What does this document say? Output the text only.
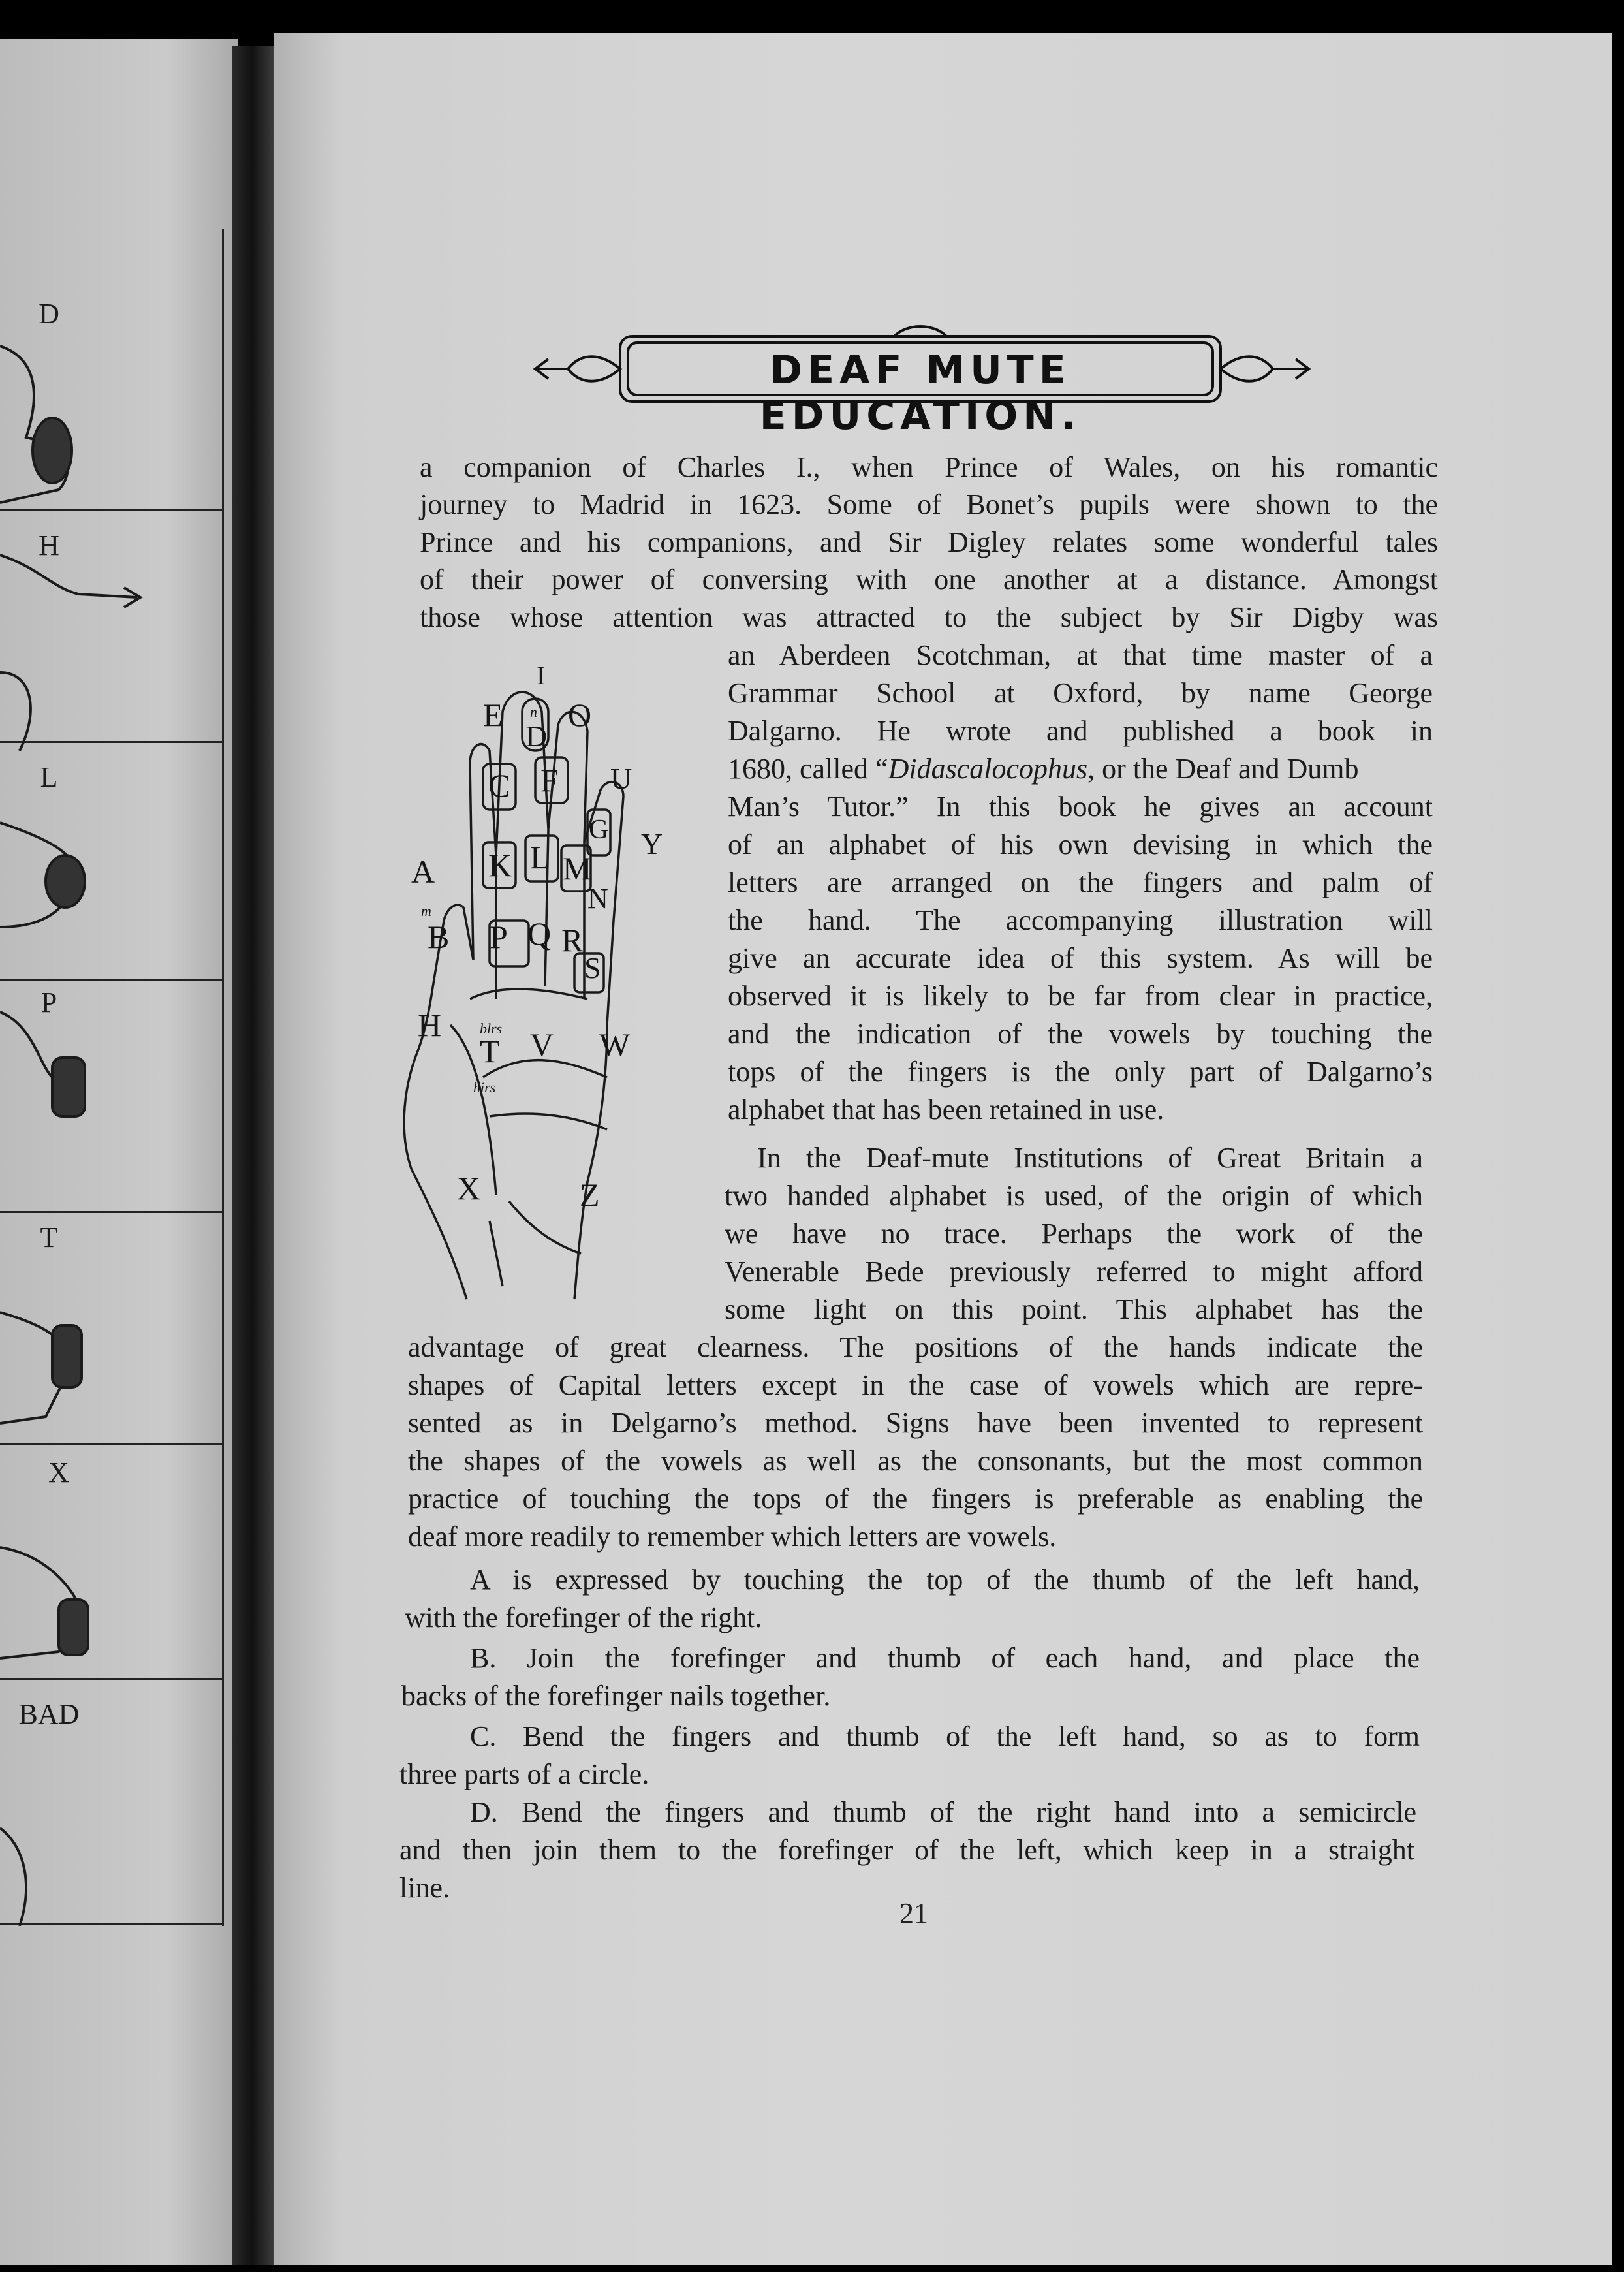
D
H
L
P
T
X
BAD
DEAF MUTE EDUCATION.
a companion of Charles I., when Prince of Wales, on his romantic
journey to Madrid in 1623. Some of Bonet’s pupils were shown to the
Prince and his companions, and Sir Digley relates some wonderful tales
of their power of conversing with one another at a distance. Amongst
those whose attention was attracted to the subject by Sir Digby was
an Aberdeen Scotchman, at that time master of a
Grammar School at Oxford, by name George
Dalgarno. He wrote and published a book in
1680, called “Didascalocophus, or the Deaf and Dumb
Man’s Tutor.” In this book he gives an account
of an alphabet of his own devising in which the
letters are arranged on the fingers and palm of
the hand. The accompanying illustration will
give an accurate idea of this system. As will be
observed it is likely to be far from clear in practice,
and the indication of the vowels by touching the
tops of the fingers is the only part of Dalgarno’s
alphabet that has been retained in use.
In the Deaf-mute Institutions of Great Britain a
two handed alphabet is used, of the origin of which
we have no trace. Perhaps the work of the
Venerable Bede previously referred to might afford
some light on this point. This alphabet has the
advantage of great clearness. The positions of the hands indicate the
shapes of Capital letters except in the case of vowels which are repre-
sented as in Delgarno’s method. Signs have been invented to represent
the shapes of the vowels as well as the consonants, but the most common
practice of touching the tops of the fingers is preferable as enabling the
deaf more readily to remember which letters are vowels.
A is expressed by touching the top of the thumb of the left hand,
with the forefinger of the right.
B. Join the forefinger and thumb of each hand, and place the
backs of the forefinger nails together.
C. Bend the fingers and thumb of the left hand, so as to form
three parts of a circle.
D. Bend the fingers and thumb of the right hand into a semicircle
and then join them to the forefinger of the left, which keep in a straight
line.
21
I
E O
D
n
C F U
G Y
K L M
A
N
m
B P Q R
S
H
T V W
X	Z
blrs
hirs
